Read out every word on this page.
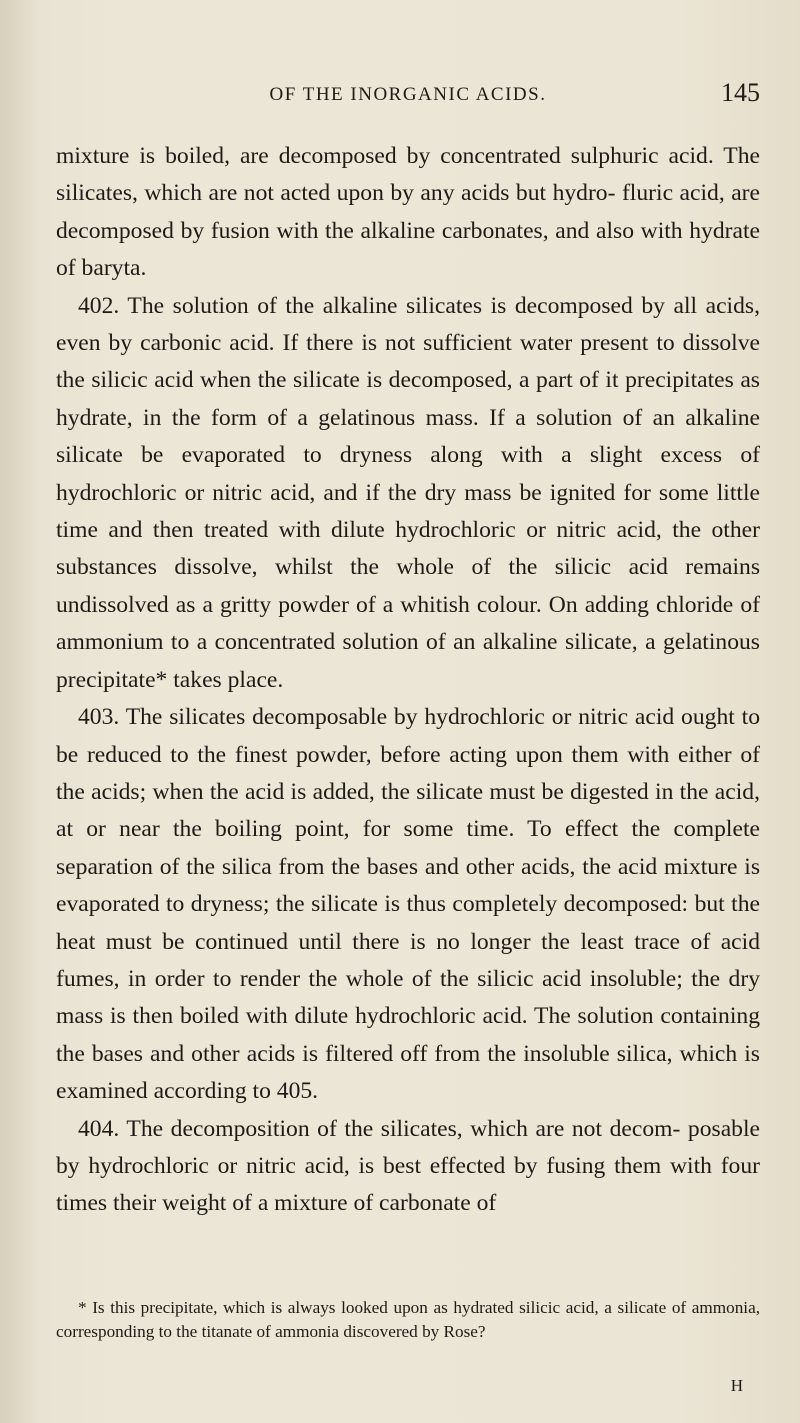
OF THE INORGANIC ACIDS.	145

mixture is boiled, are decomposed by concentrated sulphuric acid. The silicates, which are not acted upon by any acids but hydro- fluric acid, are decomposed by fusion with the alkaline carbonates, and also with hydrate of baryta.

402. The solution of the alkaline silicates is decomposed by all acids, even by carbonic acid. If there is not sufficient water present to dissolve the silicic acid when the silicate is decomposed, a part of it precipitates as hydrate, in the form of a gelatinous mass. If a solution of an alkaline silicate be evaporated to dryness along with a slight excess of hydrochloric or nitric acid, and if the dry mass be ignited for some little time and then treated with dilute hydrochloric or nitric acid, the other substances dissolve, whilst the whole of the silicic acid remains undissolved as a gritty powder of a whitish colour. On adding chloride of ammonium to a concentrated solution of an alkaline silicate, a gelatinous precipitate* takes place.

403. The silicates decomposable by hydrochloric or nitric acid ought to be reduced to the finest powder, before acting upon them with either of the acids; when the acid is added, the silicate must be digested in the acid, at or near the boiling point, for some time. To effect the complete separation of the silica from the bases and other acids, the acid mixture is evaporated to dryness; the silicate is thus completely decomposed: but the heat must be continued until there is no longer the least trace of acid fumes, in order to render the whole of the silicic acid insoluble; the dry mass is then boiled with dilute hydrochloric acid. The solution containing the bases and other acids is filtered off from the insoluble silica, which is examined according to 405.

404. The decomposition of the silicates, which are not decom- posable by hydrochloric or nitric acid, is best effected by fusing them with four times their weight of a mixture of carbonate of

* Is this precipitate, which is always looked upon as hydrated silicic acid, a silicate of ammonia, corresponding to the titanate of ammonia discovered by Rose?

H
